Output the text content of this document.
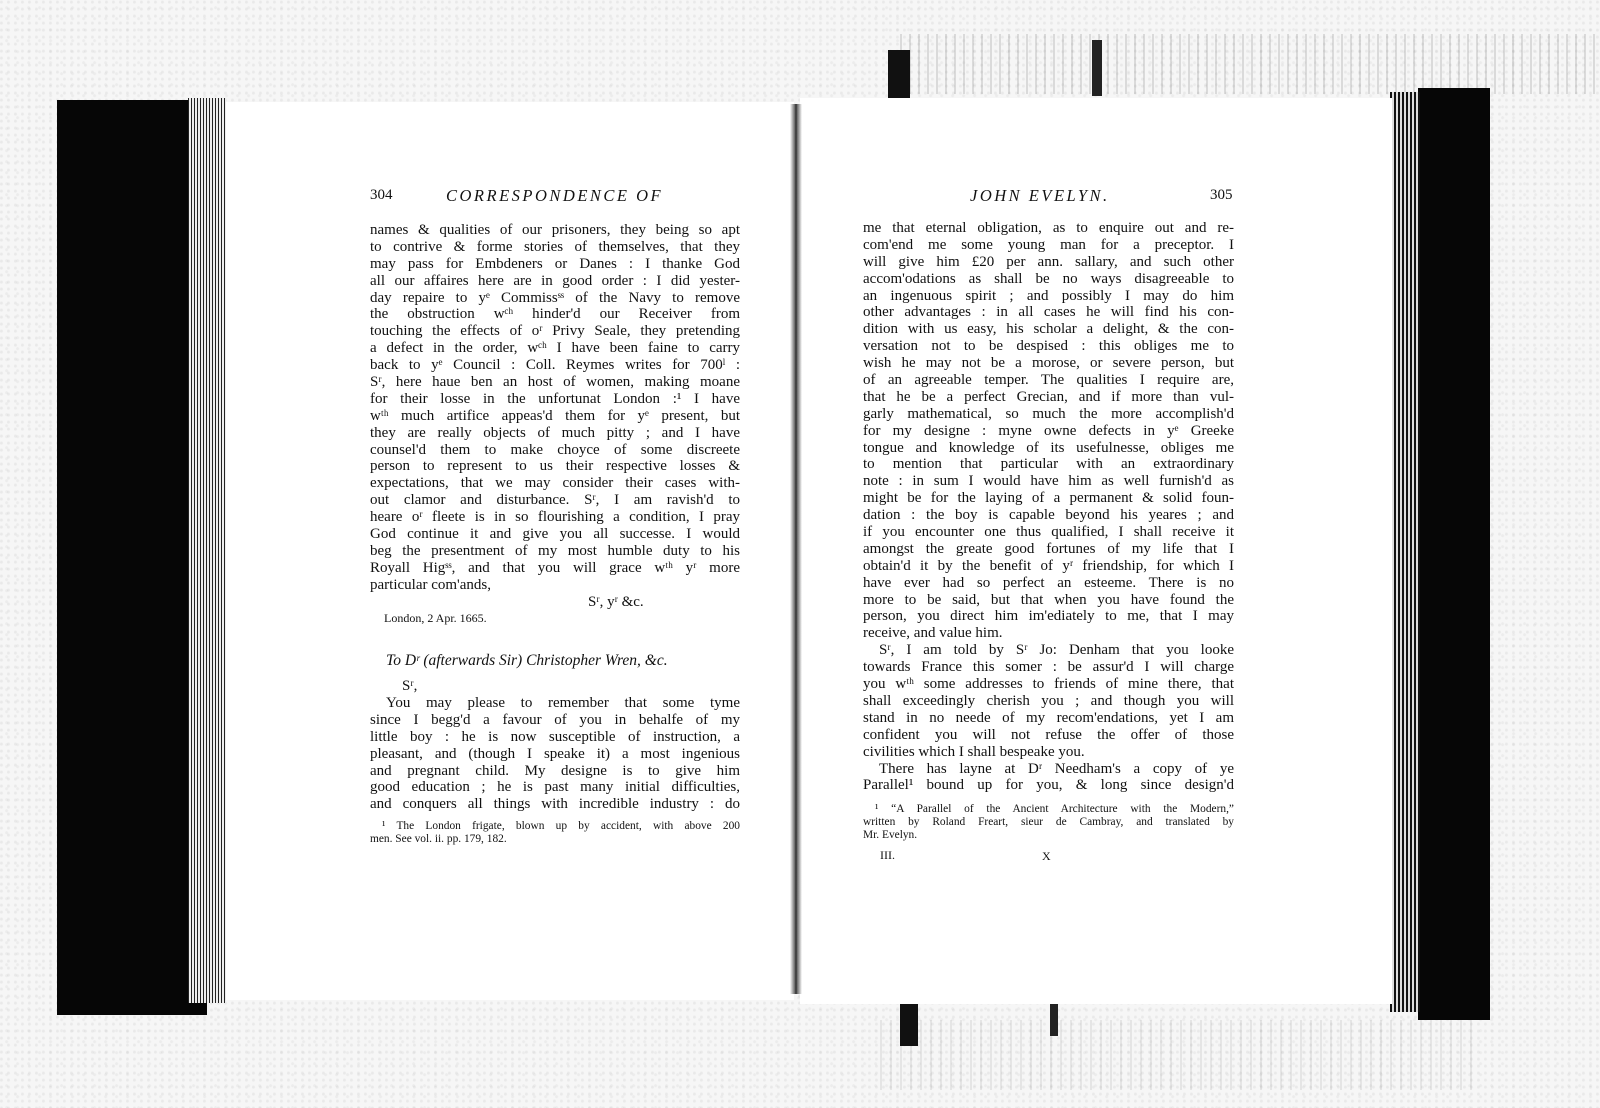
304	CORRESPONDENCE OF
names & qualities of our prisoners, they being so apt
to contrive & forme stories of themselves, that they
may pass for Embdeners or Danes : I thanke God
all our affaires here are in good order : I did yester-
day repaire to yᵉ Commissˢˢ of the Navy to remove
the obstruction wᶜʰ hinder'd our Receiver from
touching the effects of oʳ Privy Seale, they pretending
a defect in the order, wᶜʰ I have been faine to carry
back to yᵉ Council : Coll. Reymes writes for 700ˡ :
Sʳ, here haue ben an host of women, making moane
for their losse in the unfortunat London :¹ I have
wᵗʰ much artifice appeas'd them for yᵉ present, but
they are really objects of much pitty ; and I have
counsel'd them to make choyce of some discreete
person to represent to us their respective losses &
expectations, that we may consider their cases with-
out clamor and disturbance. Sʳ, I am ravish'd to
heare oʳ fleete is in so flourishing a condition, I pray
God continue it and give you all successe. I would
beg the presentment of my most humble duty to his
Royall Higˢˢ, and that you will grace wᵗʰ yʳ more
particular com'ands,
Sʳ, yʳ &c.
London, 2 Apr. 1665.
To Dʳ (afterwards Sir) Christopher Wren, &c.
Sʳ,
You may please to remember that some tyme
since I begg'd a favour of you in behalfe of my
little boy : he is now susceptible of instruction, a
pleasant, and (though I speake it) a most ingenious
and pregnant child. My designe is to give him
good education ; he is past many initial difficulties,
and conquers all things with incredible industry : do
¹ The London frigate, blown up by accident, with above 200
men. See vol. ii. pp. 179, 182.
JOHN EVELYN.	305
me that eternal obligation, as to enquire out and re-
com'end me some young man for a preceptor. I
will give him £20 per ann. sallary, and such other
accom'odations as shall be no ways disagreeable to
an ingenuous spirit ; and possibly I may do him
other advantages : in all cases he will find his con-
dition with us easy, his scholar a delight, & the con-
versation not to be despised : this obliges me to
wish he may not be a morose, or severe person, but
of an agreeable temper. The qualities I require are,
that he be a perfect Grecian, and if more than vul-
garly mathematical, so much the more accomplish'd
for my designe : myne owne defects in yᵉ Greeke
tongue and knowledge of its usefulnesse, obliges me
to mention that particular with an extraordinary
note : in sum I would have him as well furnish'd as
might be for the laying of a permanent & solid foun-
dation : the boy is capable beyond his yeares ; and
if you encounter one thus qualified, I shall receive it
amongst the greate good fortunes of my life that I
obtain'd it by the benefit of yʳ friendship, for which I
have ever had so perfect an esteeme. There is no
more to be said, but that when you have found the
person, you direct him im'ediately to me, that I may
receive, and value him.
Sʳ, I am told by Sʳ Jo: Denham that you looke
towards France this somer : be assur'd I will charge
you wᵗʰ some addresses to friends of mine there, that
shall exceedingly cherish you ; and though you will
stand in no neede of my recom'endations, yet I am
confident you will not refuse the offer of those
civilities which I shall bespeake you.
There has layne at Dʳ Needham's a copy of ye
Parallel¹ bound up for you, & long since design'd
¹ “A Parallel of the Ancient Architecture with the Modern,”
written by Roland Freart, sieur de Cambray, and translated by
Mr. Evelyn.
III.	X
